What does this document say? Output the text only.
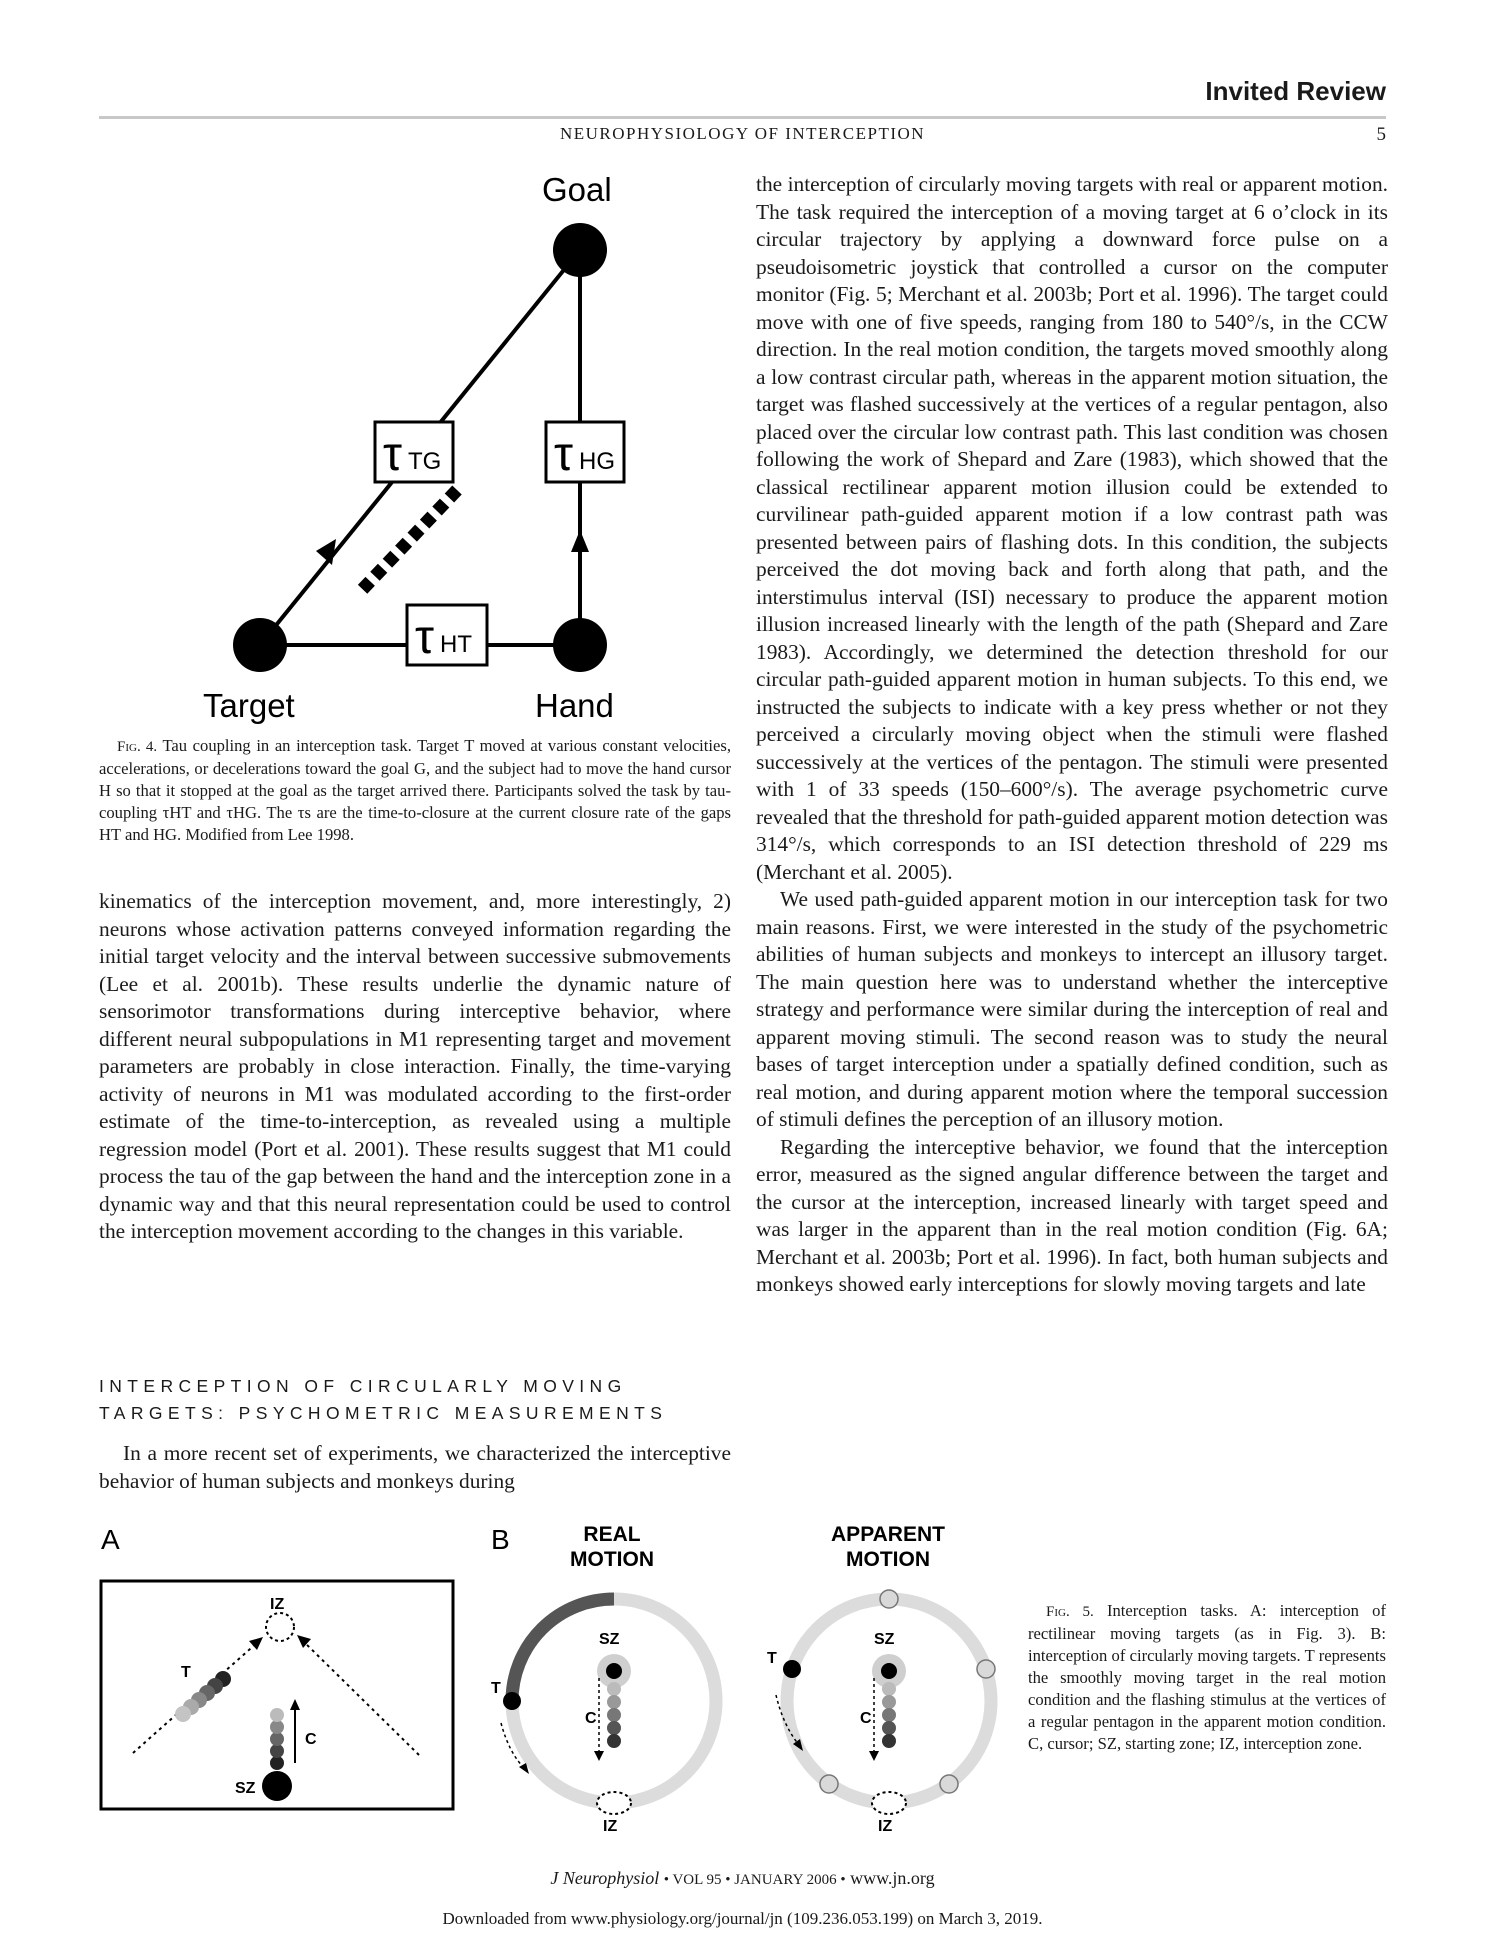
Invited Review
NEUROPHYSIOLOGY OF INTERCEPTION	5
τ TG τ HG
τ HT
Goal
Target	Hand
Fig. 4. Tau coupling in an interception task. Target T moved at various constant velocities, accelerations, or decelerations toward the goal G, and the subject had to move the hand cursor H so that it stopped at the goal as the target arrived there. Participants solved the task by tau-coupling τHT and τHG. The τs are the time-to-closure at the current closure rate of the gaps HT and HG. Modified from Lee 1998.

kinematics of the interception movement, and, more interestingly, 2) neurons whose activation patterns conveyed information regarding the initial target velocity and the interval between successive submovements (Lee et al. 2001b). These results underlie the dynamic nature of sensorimotor transformations during interceptive behavior, where different neural subpopulations in M1 representing target and movement parameters are probably in close interaction. Finally, the time-varying activity of neurons in M1 was modulated according to the first-order estimate of the time-to-interception, as revealed using a multiple regression model (Port et al. 2001). These results suggest that M1 could process the tau of the gap between the hand and the interception zone in a dynamic way and that this neural representation could be used to control the interception movement according to the changes in this variable.

INTERCEPTION OF CIRCULARLY MOVING
TARGETS: PSYCHOMETRIC MEASUREMENTS

In a more recent set of experiments, we characterized the interceptive behavior of human subjects and monkeys during

the interception of circularly moving targets with real or apparent motion. The task required the interception of a moving target at 6 o’clock in its circular trajectory by applying a downward force pulse on a pseudoisometric joystick that controlled a cursor on the computer monitor (Fig. 5; Merchant et al. 2003b; Port et al. 1996). The target could move with one of five speeds, ranging from 180 to 540°/s, in the CCW direction. In the real motion condition, the targets moved smoothly along a low contrast circular path, whereas in the apparent motion situation, the target was flashed successively at the vertices of a regular pentagon, also placed over the circular low contrast path. This last condition was chosen following the work of Shepard and Zare (1983), which showed that the classical rectilinear apparent motion illusion could be extended to curvilinear path-guided apparent motion if a low contrast path was presented between pairs of flashing dots. In this condition, the subjects perceived the dot moving back and forth along that path, and the interstimulus interval (ISI) necessary to produce the apparent motion illusion increased linearly with the length of the path (Shepard and Zare 1983). Accordingly, we determined the detection threshold for our circular path-guided apparent motion in human subjects. To this end, we instructed the subjects to indicate with a key press whether or not they perceived a circularly moving object when the stimuli were flashed successively at the vertices of the pentagon. The stimuli were presented with 1 of 33 speeds (150–600°/s). The average psychometric curve revealed that the threshold for path-guided apparent motion detection was 314°/s, which corresponds to an ISI detection threshold of 229 ms (Merchant et al. 2005).

We used path-guided apparent motion in our interception task for two main reasons. First, we were interested in the study of the psychometric abilities of human subjects and monkeys to intercept an illusory target. The main question here was to understand whether the interceptive strategy and performance were similar during the interception of real and apparent moving stimuli. The second reason was to study the neural bases of target interception under a spatially defined condition, such as real motion, and during apparent motion where the temporal succession of stimuli defines the perception of an illusory motion.

Regarding the interceptive behavior, we found that the interception error, measured as the signed angular difference between the target and the cursor at the interception, increased linearly with target speed and was larger in the apparent than in the real motion condition (Fig. 6A; Merchant et al. 2003b; Port et al. 1996). In fact, both human subjects and monkeys showed early interceptions for slowly moving targets and late

A
IZ
T
SZ
C
B	REAL
MOTION
APPARENT
MOTION
T
SZ
C
IZ
T
SZ
C
IZ
Fig. 5. Interception tasks. A: interception of rectilinear moving targets (as in Fig. 3). B: interception of circularly moving targets. T represents the smoothly moving target in the real motion condition and the flashing stimulus at the vertices of a regular pentagon in the apparent motion condition. C, cursor; SZ, starting zone; IZ, interception zone.
J Neurophysiol • VOL 95 • JANUARY 2006 • www.jn.org
Downloaded from www.physiology.org/journal/jn (109.236.053.199) on March 3, 2019.
